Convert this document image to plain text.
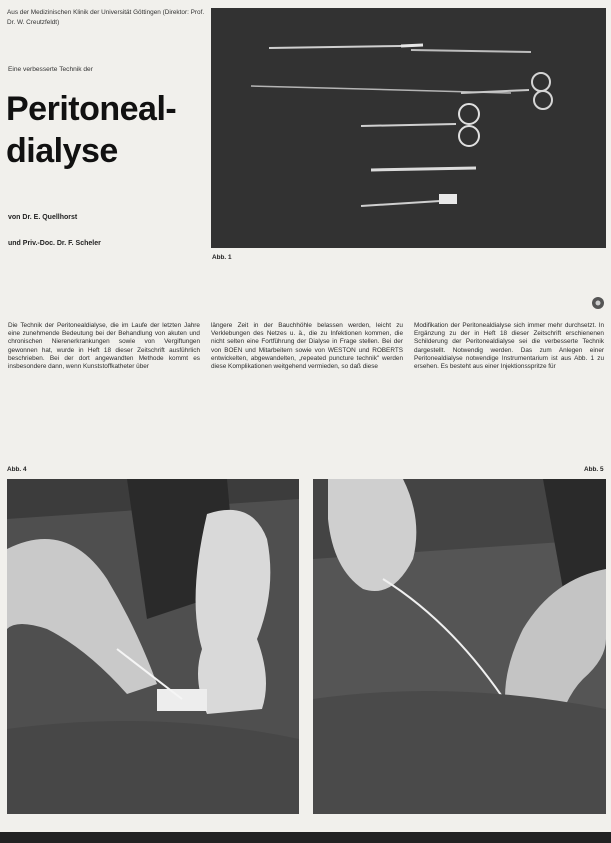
Aus der Medizinischen Klinik der Universität Göttingen (Direktor: Prof. Dr. W. Creutzfeldt)
Eine verbesserte Technik der
Peritoneal-
dialyse
von Dr. E. Quellhorst
und Priv.-Doc. Dr. F. Scheler
Abb. 1
Die Technik der Peritonealdialyse, die im Laufe der letzten Jahre eine zunehmende Bedeutung bei der Behandlung von akuten und chronischen Nierenerkrankungen sowie von Vergiftungen gewonnen hat, wurde in Heft 18 dieser Zeitschrift ausführlich beschrieben. Bei der dort angewandten Methode kommt es insbesondere dann, wenn Kunststoffkatheter über
längere Zeit in der Bauchhöhle belassen werden, leicht zu Verklebungen des Netzes u. ä., die zu Infektionen kommen, die nicht selten eine Fortführung der Dialyse in Frage stellen. Bei der von BOEN und Mitarbeitern sowie von WESTON und ROBERTS entwickelten, abgewandelten, „repeated puncture technik" werden diese Komplikationen weitgehend vermieden, so daß diese
Modifikation der Peritonealdialyse sich immer mehr durchsetzt. In Ergänzung zu der in Heft 18 dieser Zeitschrift erschienenen Schilderung der Peritonealdialyse sei die verbesserte Technik dargestellt. Notwendig werden. Das zum Anlegen einer Peritonealdialyse notwendige Instrumentarium ist aus Abb. 1 zu ersehen. Es besteht aus einer Injektionsspritze für
Abb. 4	Abb. 5
